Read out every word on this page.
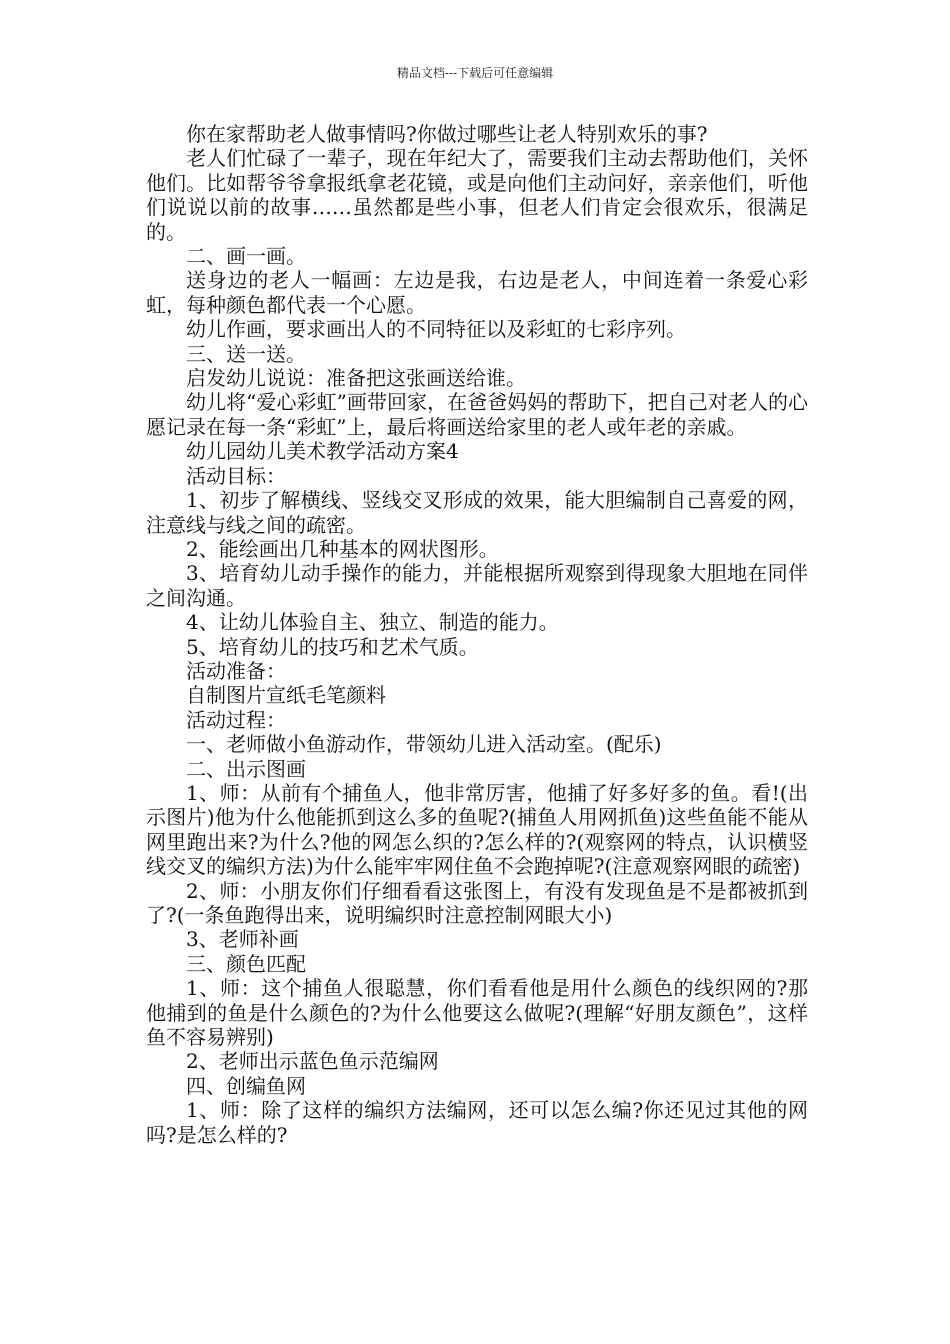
精品文档---下载后可任意编辑

你在家帮助老人做事情吗?你做过哪些让老人特别欢乐的事?

老人们忙碌了一辈子，现在年纪大了，需要我们主动去帮助他们，关怀他们。比如帮爷爷拿报纸拿老花镜，或是向他们主动问好，亲亲他们，听他们说说以前的故事……虽然都是些小事，但老人们肯定会很欢乐，很满足的。

二、画一画。

送身边的老人一幅画：左边是我，右边是老人，中间连着一条爱心彩虹，每种颜色都代表一个心愿。

幼儿作画，要求画出人的不同特征以及彩虹的七彩序列。

三、送一送。

启发幼儿说说：准备把这张画送给谁。

幼儿将“爱心彩虹”画带回家，在爸爸妈妈的帮助下，把自己对老人的心愿记录在每一条“彩虹”上，最后将画送给家里的老人或年老的亲戚。

幼儿园幼儿美术教学活动方案4

活动目标：

1、初步了解横线、竖线交叉形成的效果，能大胆编制自己喜爱的网，注意线与线之间的疏密。

2、能绘画出几种基本的网状图形。

3、培育幼儿动手操作的能力，并能根据所观察到得现象大胆地在同伴之间沟通。

4、让幼儿体验自主、独立、制造的能力。

5、培育幼儿的技巧和艺术气质。

活动准备：

自制图片宣纸毛笔颜料

活动过程：

一、老师做小鱼游动作，带领幼儿进入活动室。(配乐)

二、出示图画

1、师：从前有个捕鱼人，他非常厉害，他捕了好多好多的鱼。看!(出示图片)他为什么他能抓到这么多的鱼呢?(捕鱼人用网抓鱼)这些鱼能不能从网里跑出来?为什么?他的网怎么织的?怎么样的?(观察网的特点，认识横竖线交叉的编织方法)为什么能牢牢网住鱼不会跑掉呢?(注意观察网眼的疏密)

2、师：小朋友你们仔细看看这张图上，有没有发现鱼是不是都被抓到了?(一条鱼跑得出来，说明编织时注意控制网眼大小)

3、老师补画

三、颜色匹配

1、师：这个捕鱼人很聪慧，你们看看他是用什么颜色的线织网的?那他捕到的鱼是什么颜色的?为什么他要这么做呢?(理解“好朋友颜色”，这样鱼不容易辨别)

2、老师出示蓝色鱼示范编网

四、创编鱼网

1、师：除了这样的编织方法编网，还可以怎么编?你还见过其他的网吗?是怎么样的?
